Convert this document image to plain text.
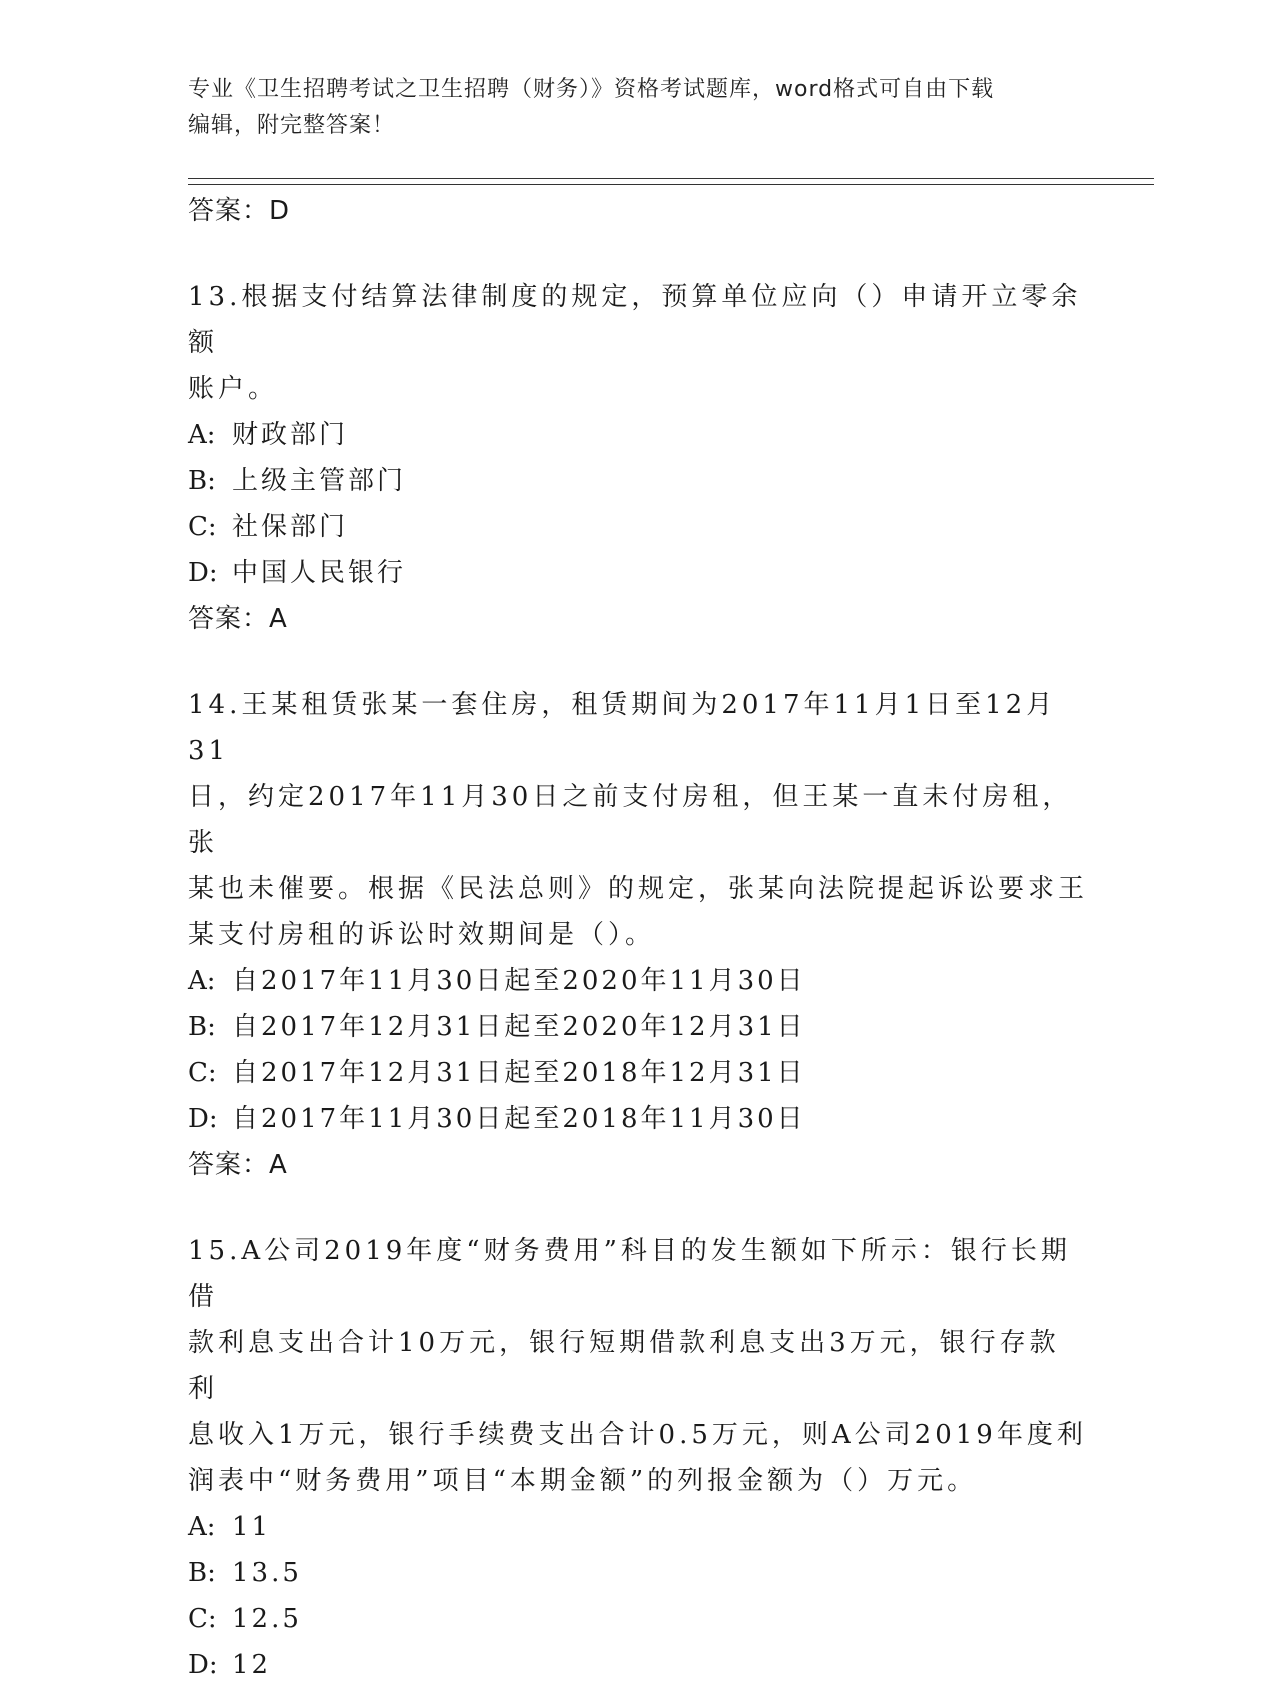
专业《卫生招聘考试之卫生招聘（财务）》资格考试题库，word格式可自由下载
编辑，附完整答案！

答案：D

13.根据支付结算法律制度的规定，预算单位应向（）申请开立零余额

账户。

A: 财政部门

B: 上级主管部门

C: 社保部门

D: 中国人民银行

答案：A

14.王某租赁张某一套住房，租赁期间为2017年11月1日至12月31

日，约定2017年11月30日之前支付房租，但王某一直未付房租，张

某也未催要。根据《民法总则》的规定，张某向法院提起诉讼要求王

某支付房租的诉讼时效期间是（）。

A: 自2017年11月30日起至2020年11月30日

B: 自2017年12月31日起至2020年12月31日

C: 自2017年12月31日起至2018年12月31日

D: 自2017年11月30日起至2018年11月30日

答案：A

15.A公司2019年度“财务费用”科目的发生额如下所示：银行长期借

款利息支出合计10万元，银行短期借款利息支出3万元，银行存款利

息收入1万元，银行手续费支出合计0.5万元，则A公司2019年度利

润表中“财务费用”项目“本期金额”的列报金额为（）万元。

A: 11

B: 13.5

C: 12.5

D: 12
